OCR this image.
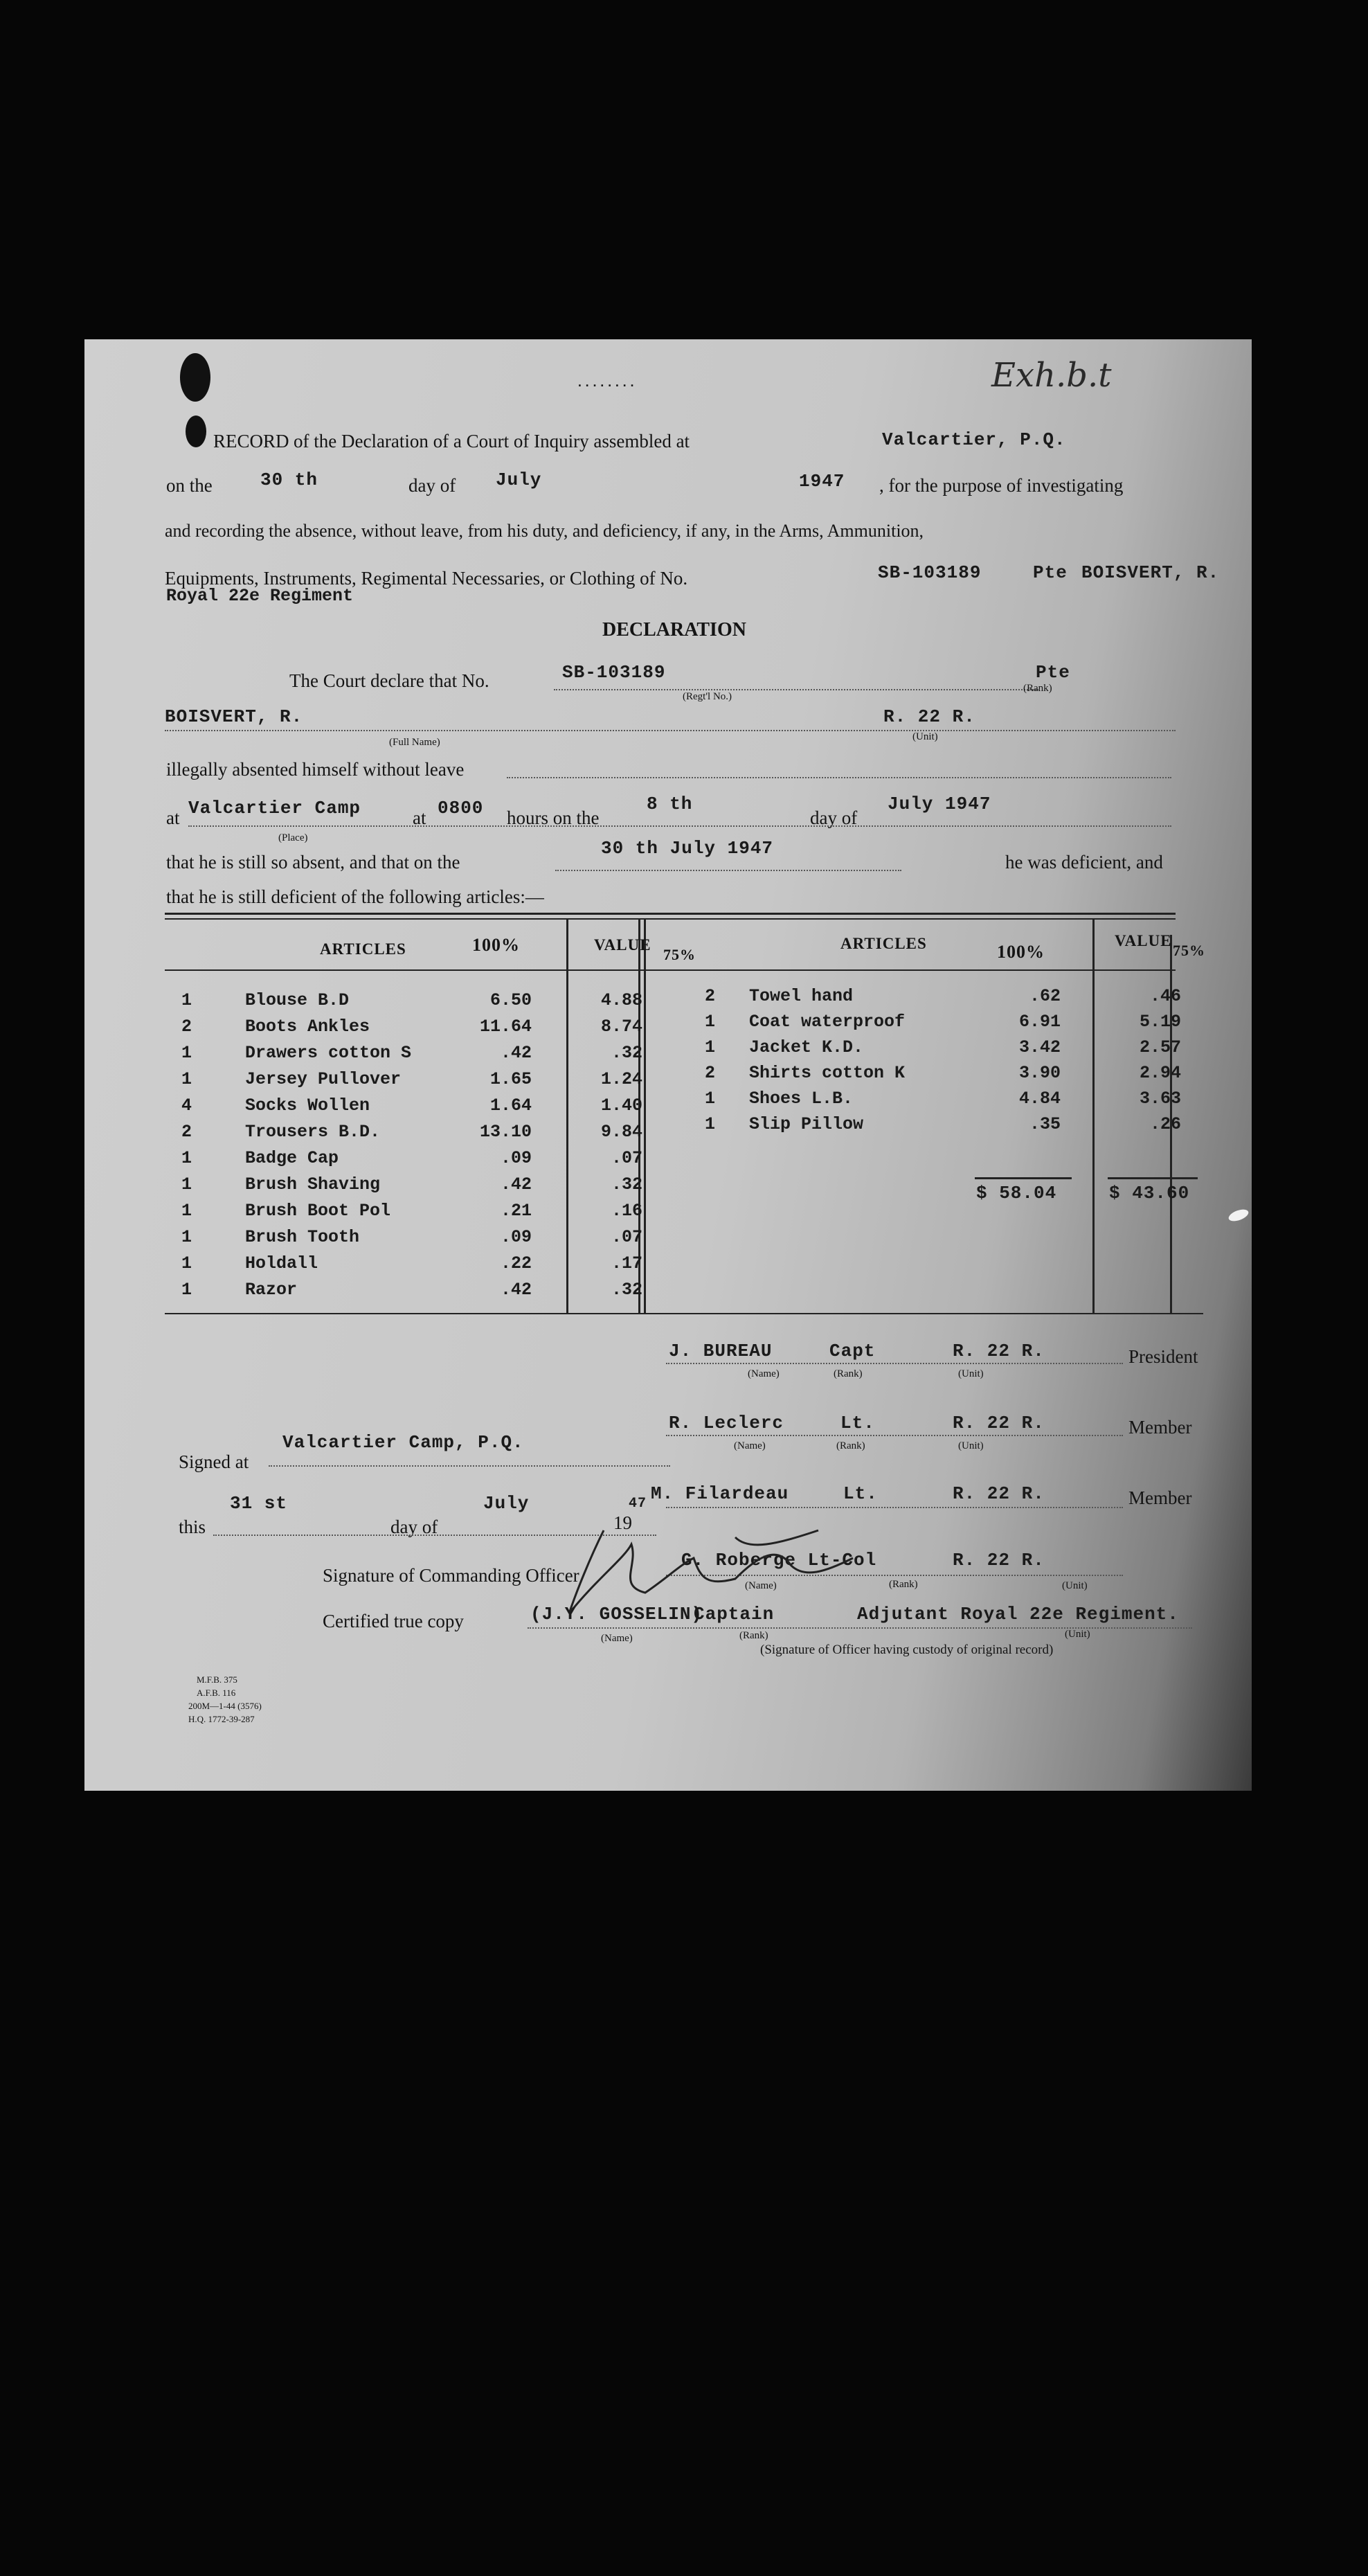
........	Exh.b.t
RECORD of the Declaration of a Court of Inquiry assembled at	Valcartier, P.Q.
on the	30 th	day of July	1947 , for the purpose of investigating
and recording the absence, without leave, from his duty, and deficiency, if any, in the Arms, Ammunition,
Equipments, Instruments, Regimental Necessaries, or Clothing of No.	SB-103189	Pte BOISVERT, R.
Royal 22e Regiment
DECLARATION
The Court declare that No.	SB-103189
(Regt'l No.)
Pte
(Rank)
BOISVERT, R.
(Full Name)
R. 22 R.
(Unit)
illegally absented himself without leave
at Valcartier Camp
(Place)
at 0800 hours on the
8 th
day of
July 1947
that he is still so absent, and that on the
30 th July 1947
he was deficient, and
that he is still deficient of the following articles:—
ARTICLES	100%	VALUE
75%
ARTICLES	100%
VALUE
75%
1	Blouse B.D	6.50	4.88
2	Boots Ankles	11.64	8.74
1	Drawers cotton S	.42	.32
1	Jersey Pullover	1.65	1.24
4	Socks Wollen	1.64	1.40
2	Trousers B.D.	13.10	9.84
1	Badge Cap	.09	.07
1	Brush Shaving	.42	.32
1	Brush Boot Pol	.21	.16
1	Brush Tooth	.09	.07
1	Holdall	.22	.17
1	Razor	.42	.32
2 Towel hand	.62	.46
1 Coat waterproof	6.91	5.19
1 Jacket K.D.	3.42	2.57
2 Shirts cotton K	3.90	2.94
1 Shoes L.B.	4.84	3.63
1 Slip Pillow	.35	.26
$ 58.04	$ 43.60
J. BUREAU	Capt	R. 22 R.	President
(Name)	(Rank)	(Unit)
R. Leclerc	Lt.	R. 22 R.	Member
(Name)	(Rank)	(Unit)
Signed at
Valcartier Camp, P.Q.
this
31 st
day of
July
19
47 M. Filardeau	Lt.	R. 22 R.	Member
Signature of Commanding Officer
G. Roberge Lt-Col	R. 22 R.
(Name)	(Rank)	(Unit)
Certified true copy	(J.Y. GOSSELIN)
Captain	Adjutant Royal 22e Regiment.
(Name)	(Rank)	(Unit)
(Signature of Officer having custody of original record)
M.F.B. 375
A.F.B. 116
200M—1-44 (3576)
H.Q. 1772-39-287
